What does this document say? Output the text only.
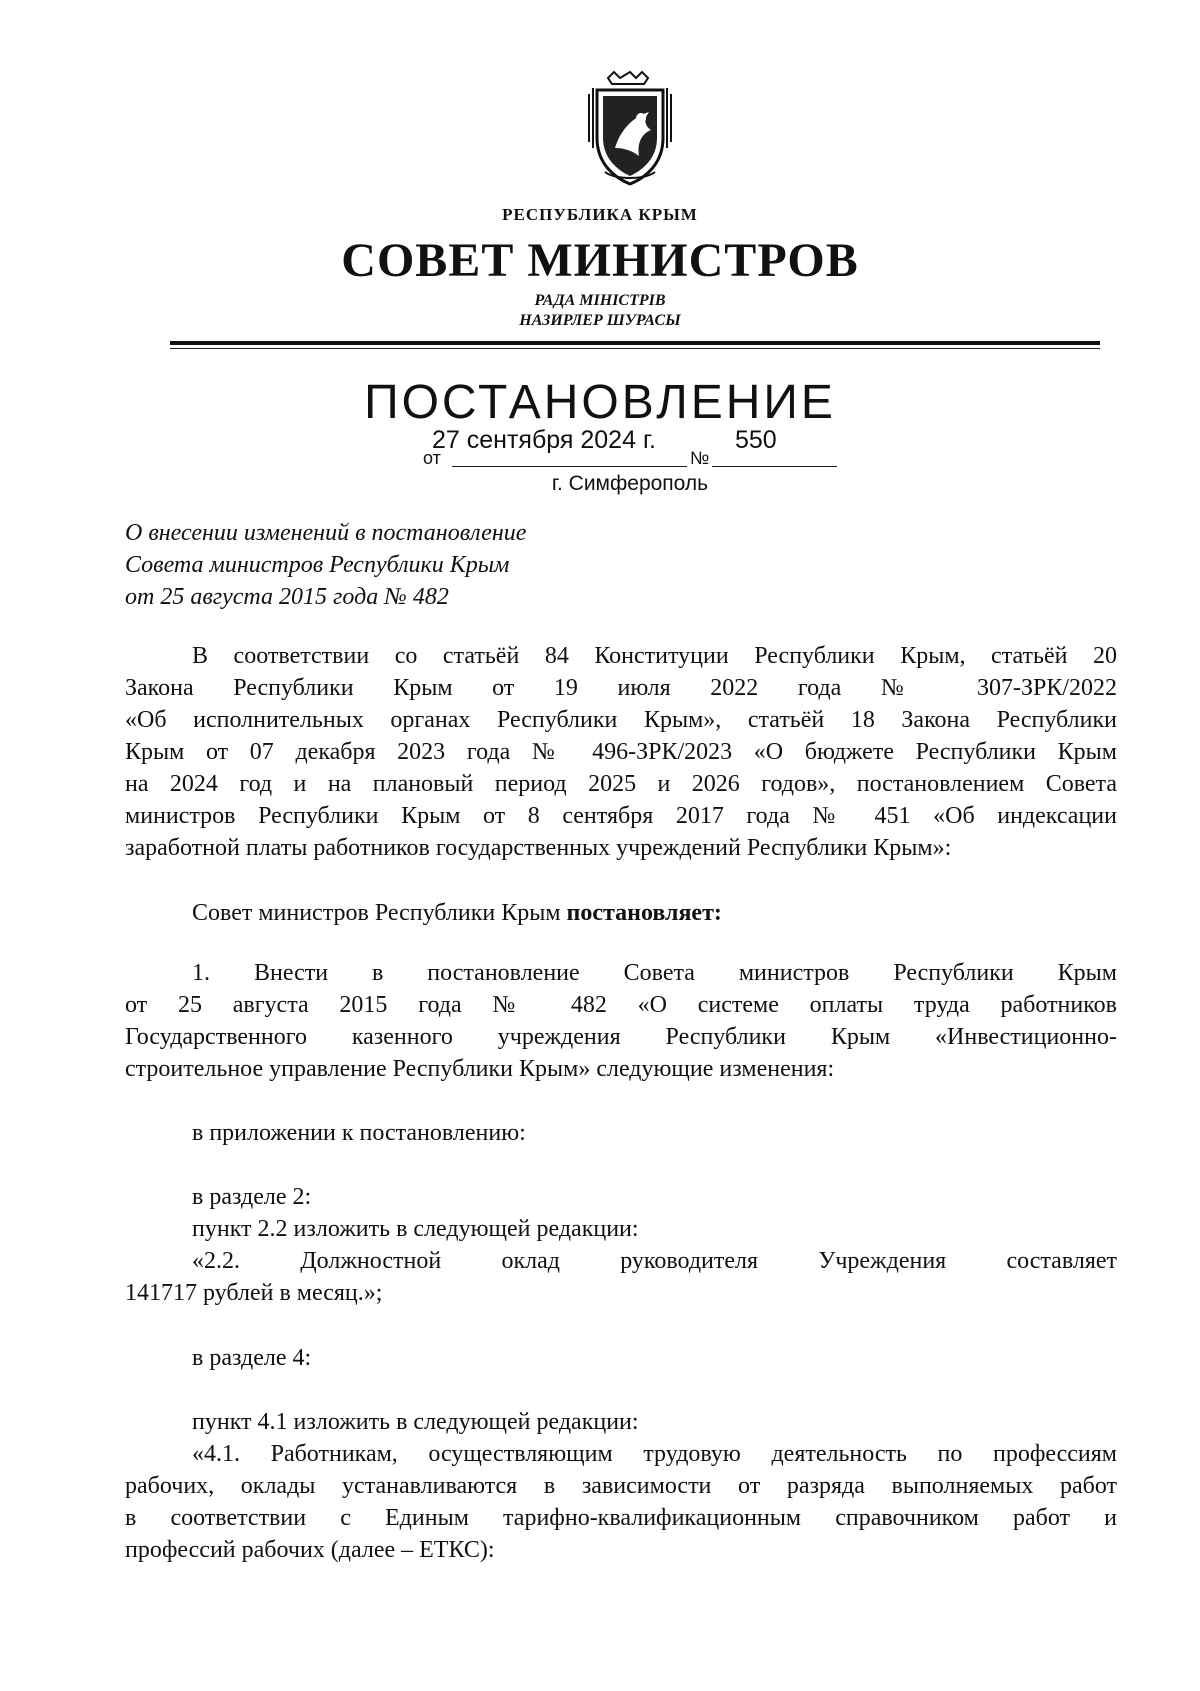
РЕСПУБЛИКА КРЫМ
СОВЕТ МИНИСТРОВ
РАДА МІНІСТРІВ
НАЗИРЛЕР ШУРАСЫ
ПОСТАНОВЛЕНИЕ
27 сентября 2024 г.	550
от	№
г. Симферополь
О внесении изменений в постановление
Совета министров Республики Крым
от 25 августа 2015 года № 482
В соответствии со статьёй 84 Конституции Республики Крым, статьёй 20
Закона Республики Крым от 19 июля 2022 года № 307-ЗРК/2022
«Об исполнительных органах Республики Крым», статьёй 18 Закона Республики
Крым от 07 декабря 2023 года № 496-ЗРК/2023 «О бюджете Республики Крым
на 2024 год и на плановый период 2025 и 2026 годов», постановлением Совета
министров Республики Крым от 8 сентября 2017 года № 451 «Об индексации
заработной платы работников государственных учреждений Республики Крым»:
Совет министров Республики Крым постановляет:
1. Внести в постановление Совета министров Республики Крым
от 25 августа 2015 года № 482 «О системе оплаты труда работников
Государственного казенного учреждения Республики Крым «Инвестиционно-
строительное управление Республики Крым» следующие изменения:
в приложении к постановлению:
в разделе 2:
пункт 2.2 изложить в следующей редакции:
«2.2. Должностной оклад руководителя Учреждения составляет
141717 рублей в месяц.»;
в разделе 4:
пункт 4.1 изложить в следующей редакции:
«4.1. Работникам, осуществляющим трудовую деятельность по профессиям
рабочих, оклады устанавливаются в зависимости от разряда выполняемых работ
в соответствии с Единым тарифно-квалификационным справочником работ и
профессий рабочих (далее – ЕТКС):
